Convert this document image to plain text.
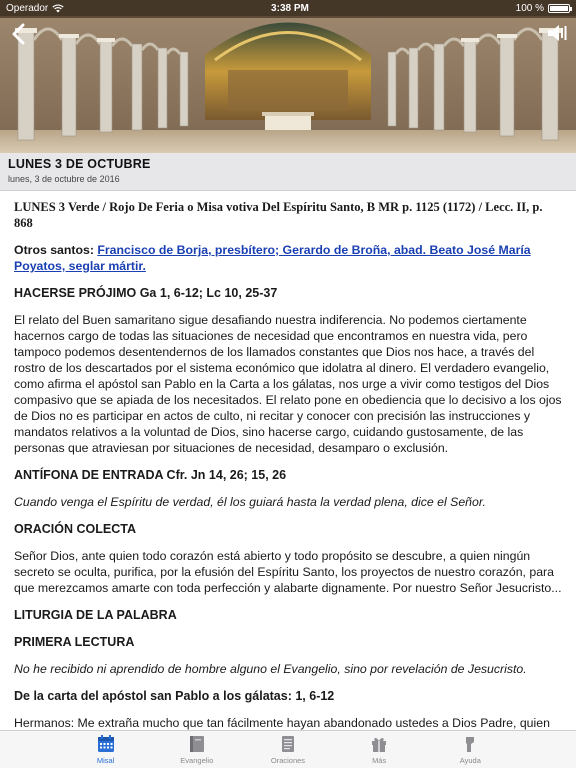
Operador	3:38 PM	100 %
LUNES 3 DE OCTUBRE
lunes, 3 de octubre de 2016

LUNES 3 Verde / Rojo De Feria o Misa votiva Del Espíritu Santo, B MR p. 1125 (1172) / Lecc. II, p. 868

Otros santos: Francisco de Borja, presbítero; Gerardo de Broña, abad. Beato José María Poyatos, seglar mártir.

HACERSE PRÓJIMO Ga 1, 6-12; Lc 10, 25-37

El relato del Buen samaritano sigue desafiando nuestra indiferencia. No podemos ciertamente hacernos cargo de todas las situaciones de necesidad que encontramos en nuestra vida, pero tampoco podemos desentendernos de los llamados constantes que Dios nos hace, a través del rostro de los descartados por el sistema económico que idolatra al dinero. El verdadero evangelio, como afirma el apóstol san Pablo en la Carta a los gálatas, nos urge a vivir como testigos del Dios compasivo que se apiada de los necesitados. El relato pone en obediencia que lo decisivo a los ojos de Dios no es participar en actos de culto, ni recitar y conocer con precisión las instrucciones y mandatos relativos a la voluntad de Dios, sino hacerse cargo, cuidando gustosamente, de las personas que atraviesan por situaciones de necesidad, desamparo o exclusión.

ANTÍFONA DE ENTRADA Cfr. Jn 14, 26; 15, 26

Cuando venga el Espíritu de verdad, él los guiará hasta la verdad plena, dice el Señor.

ORACIÓN COLECTA

Señor Dios, ante quien todo corazón está abierto y todo propósito se descubre, a quien ningún secreto se oculta, purifica, por la efusión del Espíritu Santo, los proyectos de nuestro corazón, para que merezcamos amarte con toda perfección y alabarte dignamente. Por nuestro Señor Jesucristo...

LITURGIA DE LA PALABRA

PRIMERA LECTURA

No he recibido ni aprendido de hombre alguno el Evangelio, sino por revelación de Jesucristo.

De la carta del apóstol san Pablo a los gálatas: 1, 6-12

Hermanos: Me extraña mucho que tan fácilmente hayan abandonado ustedes a Dios Padre, quien

Misal	Evangelio	Oraciones	Más	Ayuda
